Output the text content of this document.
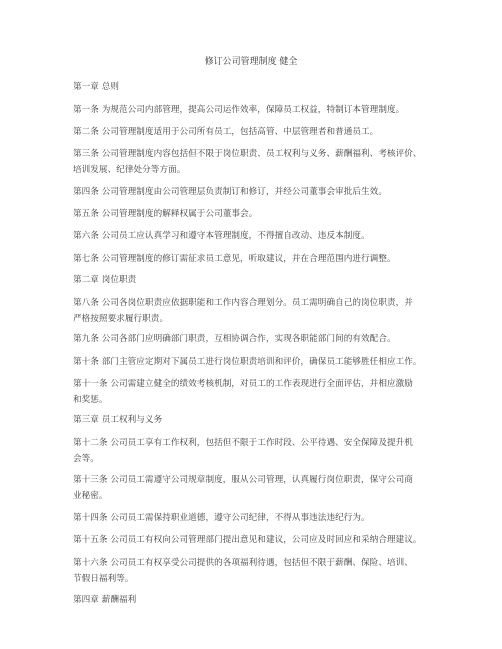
修订公司管理制度 健全
第一章 总则
第一条 为规范公司内部管理，提高公司运作效率，保障员工权益，特制订本管理制度。
第二条 公司管理制度适用于公司所有员工，包括高管、中层管理者和普通员工。
第三条 公司管理制度内容包括但不限于岗位职责、员工权利与义务、薪酬福利、考核评价、
培训发展、纪律处分等方面。
第四条 公司管理制度由公司管理层负责制订和修订，并经公司董事会审批后生效。
第五条 公司管理制度的解释权属于公司董事会。
第六条 公司员工应认真学习和遵守本管理制度，不得擅自改动、违反本制度。
第七条 公司管理制度的修订需征求员工意见，听取建议，并在合理范围内进行调整。
第二章 岗位职责
第八条 公司各岗位职责应依据职能和工作内容合理划分。员工需明确自己的岗位职责，并
严格按照要求履行职责。
第九条 公司各部门应明确部门职责，互相协调合作，实现各职能部门间的有效配合。
第十条 部门主管应定期对下属员工进行岗位职责培训和评价，确保员工能够胜任相应工作。
第十一条 公司需建立健全的绩效考核机制，对员工的工作表现进行全面评估，并相应激励
和奖惩。
第三章 员工权利与义务
第十二条 公司员工享有工作权利，包括但不限于工作时段、公平待遇、安全保障及提升机
会等。
第十三条 公司员工需遵守公司规章制度，服从公司管理，认真履行岗位职责，保守公司商
业秘密。
第十四条 公司员工需保持职业道德，遵守公司纪律，不得从事违法违纪行为。
第十五条 公司员工有权向公司管理部门提出意见和建议，公司应及时回应和采纳合理建议。
第十六条 公司员工有权享受公司提供的各项福利待遇，包括但不限于薪酬、保险、培训、
节假日福利等。
第四章 薪酬福利
